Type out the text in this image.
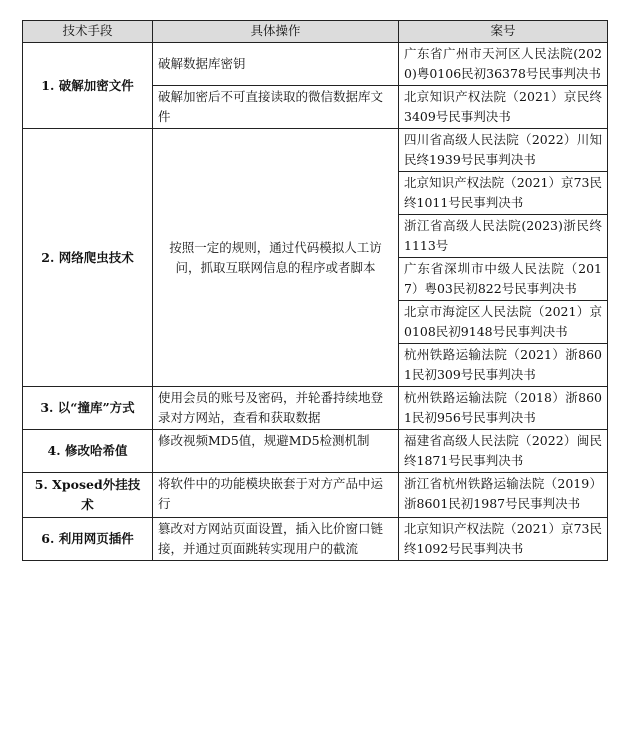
技术手段	具体操作	案号
1. 破解加密文件	破解数据库密钥	广东省广州市天河区人民法院(2020)粤0106民初36378号民事判决书
	破解加密后不可直接读取的微信数据库文件	北京知识产权法院（2021）京民终3409号民事判决书
2. 网络爬虫技术	按照一定的规则，通过代码模拟人工访问，抓取互联网信息的程序或者脚本	四川省高级人民法院（2022）川知民终1939号民事判决书
		北京知识产权法院（2021）京73民终1011号民事判决书
		浙江省高级人民法院(2023)浙民终1113号
		广东省深圳市中级人民法院（2017）粤03民初822号民事判决书
		北京市海淀区人民法院（2021）京0108民初9148号民事判决书
		杭州铁路运输法院（2021）浙8601民初309号民事判决书
3. 以“撞库”方式	使用会员的账号及密码，并轮番持续地登录对方网站，查看和获取数据	杭州铁路运输法院（2018）浙8601民初956号民事判决书
4. 修改哈希值	修改视频MD5值，规避MD5检测机制	福建省高级人民法院（2022）闽民终1871号民事判决书
5. Xposed外挂技术	将软件中的功能模块嵌套于对方产品中运行	浙江省杭州铁路运输法院（2019）浙8601民初1987号民事判决书
6. 利用网页插件	篡改对方网站页面设置，插入比价窗口链接，并通过页面跳转实现用户的截流	北京知识产权法院（2021）京73民终1092号民事判决书
